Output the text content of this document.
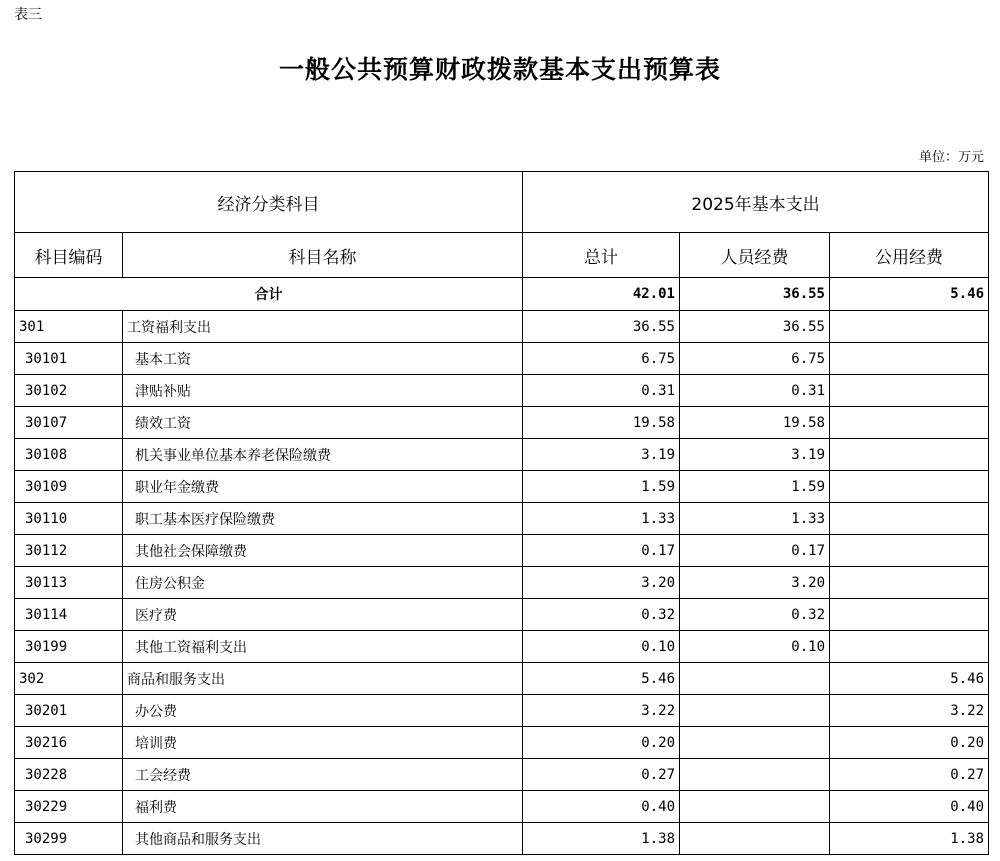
表三
一般公共预算财政拨款基本支出预算表
单位：万元
经济分类科目		2025年基本支出		
科目编码	科目名称	总计	人员经费	公用经费
合计		42.01	36.55	5.46
301	工资福利支出	36.55	36.55	
30101	基本工资	6.75	6.75	
30102	津贴补贴	0.31	0.31	
30107	绩效工资	19.58	19.58	
30108	机关事业单位基本养老保险缴费	3.19	3.19	
30109	职业年金缴费	1.59	1.59	
30110	职工基本医疗保险缴费	1.33	1.33	
30112	其他社会保障缴费	0.17	0.17	
30113	住房公积金	3.20	3.20	
30114	医疗费	0.32	0.32	
30199	其他工资福利支出	0.10	0.10	
302	商品和服务支出	5.46		5.46
30201	办公费	3.22		3.22
30216	培训费	0.20		0.20
30228	工会经费	0.27		0.27
30229	福利费	0.40		0.40
30299	其他商品和服务支出	1.38		1.38
